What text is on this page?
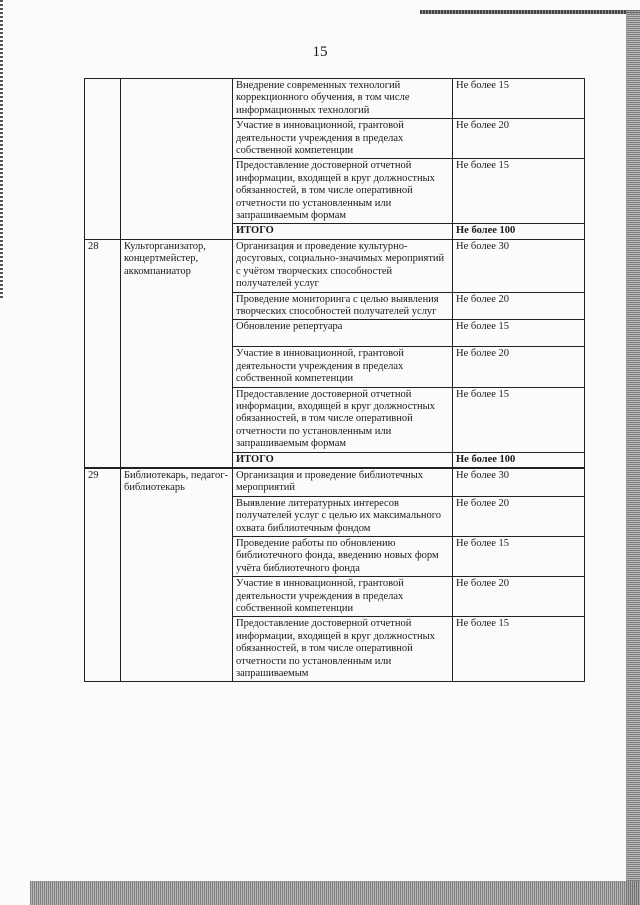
15
		Внедрение современных технологий коррекционного обучения, в том числе информационных технологий	Не более 15
		Участие в инновационной, грантовой деятельности учреждения в пределах собственной компетенции	Не более 20
		Предоставление достоверной отчетной информации, входящей в круг должностных обязанностей, в том числе оперативной отчетности по установленным или запрашиваемым формам	Не более 15
		ИТОГО	Не более 100
28	Культорганизатор, концертмейстер, аккомпаниатор	Организация и проведение культурно-досуговых, социально-значимых мероприятий с учётом творческих способностей получателей услуг	Не более 30
		Проведение мониторинга с целью выявления творческих способностей получателей услуг	Не более 20
		Обновление репертуара	Не более 15
		Участие в инновационной, грантовой деятельности учреждения в пределах собственной компетенции	Не более 20
		Предоставление достоверной отчетной информации, входящей в круг должностных обязанностей, в том числе оперативной отчетности по установленным или запрашиваемым формам	Не более 15
		ИТОГО	Не более 100
29	Библиотекарь, педагог-библиотекарь	Организация и проведение библиотечных мероприятий	Не более 30
		Выявление литературных интересов получателей услуг с целью их максимального охвата библиотечным фондом	Не более 20
		Проведение работы по обновлению библиотечного фонда, введению новых форм учёта библиотечного фонда	Не более 15
		Участие в инновационной, грантовой деятельности учреждения в пределах собственной компетенции	Не более 20
		Предоставление достоверной отчетной информации, входящей в круг должностных обязанностей, в том числе оперативной отчетности по установленным или запрашиваемым	Не более 15
